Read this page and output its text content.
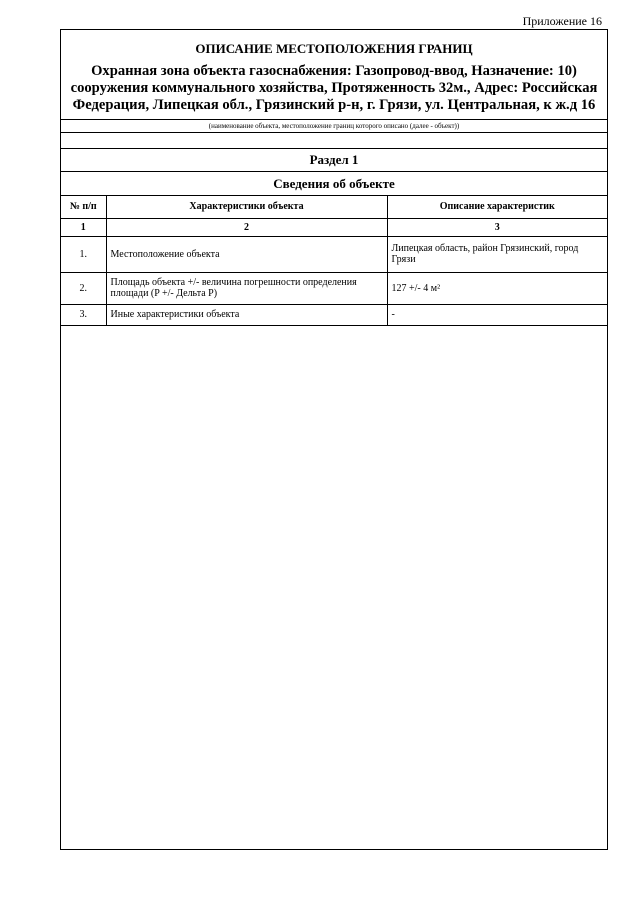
Приложение 16
ОПИСАНИЕ МЕСТОПОЛОЖЕНИЯ ГРАНИЦ
Охранная зона объекта газоснабжения: Газопровод-ввод, Назначение: 10) сооружения коммунального хозяйства, Протяженность 32м., Адрес: Российская Федерация, Липецкая обл., Грязинский р-н, г. Грязи, ул. Центральная, к ж.д 16
(наименование объекта, местоположение границ которого описано (далее - объект))
Раздел 1
Сведения об объекте
№ п/п	Характеристики объекта	Описание характеристик
1	2	3
1.	Местоположение объекта	Липецкая область, район Грязинский, город Грязи
2.	Площадь объекта +/- величина погрешности определения площади (P +/- Дельта P)	127 +/- 4 м²
3.	Иные характеристики объекта	-
